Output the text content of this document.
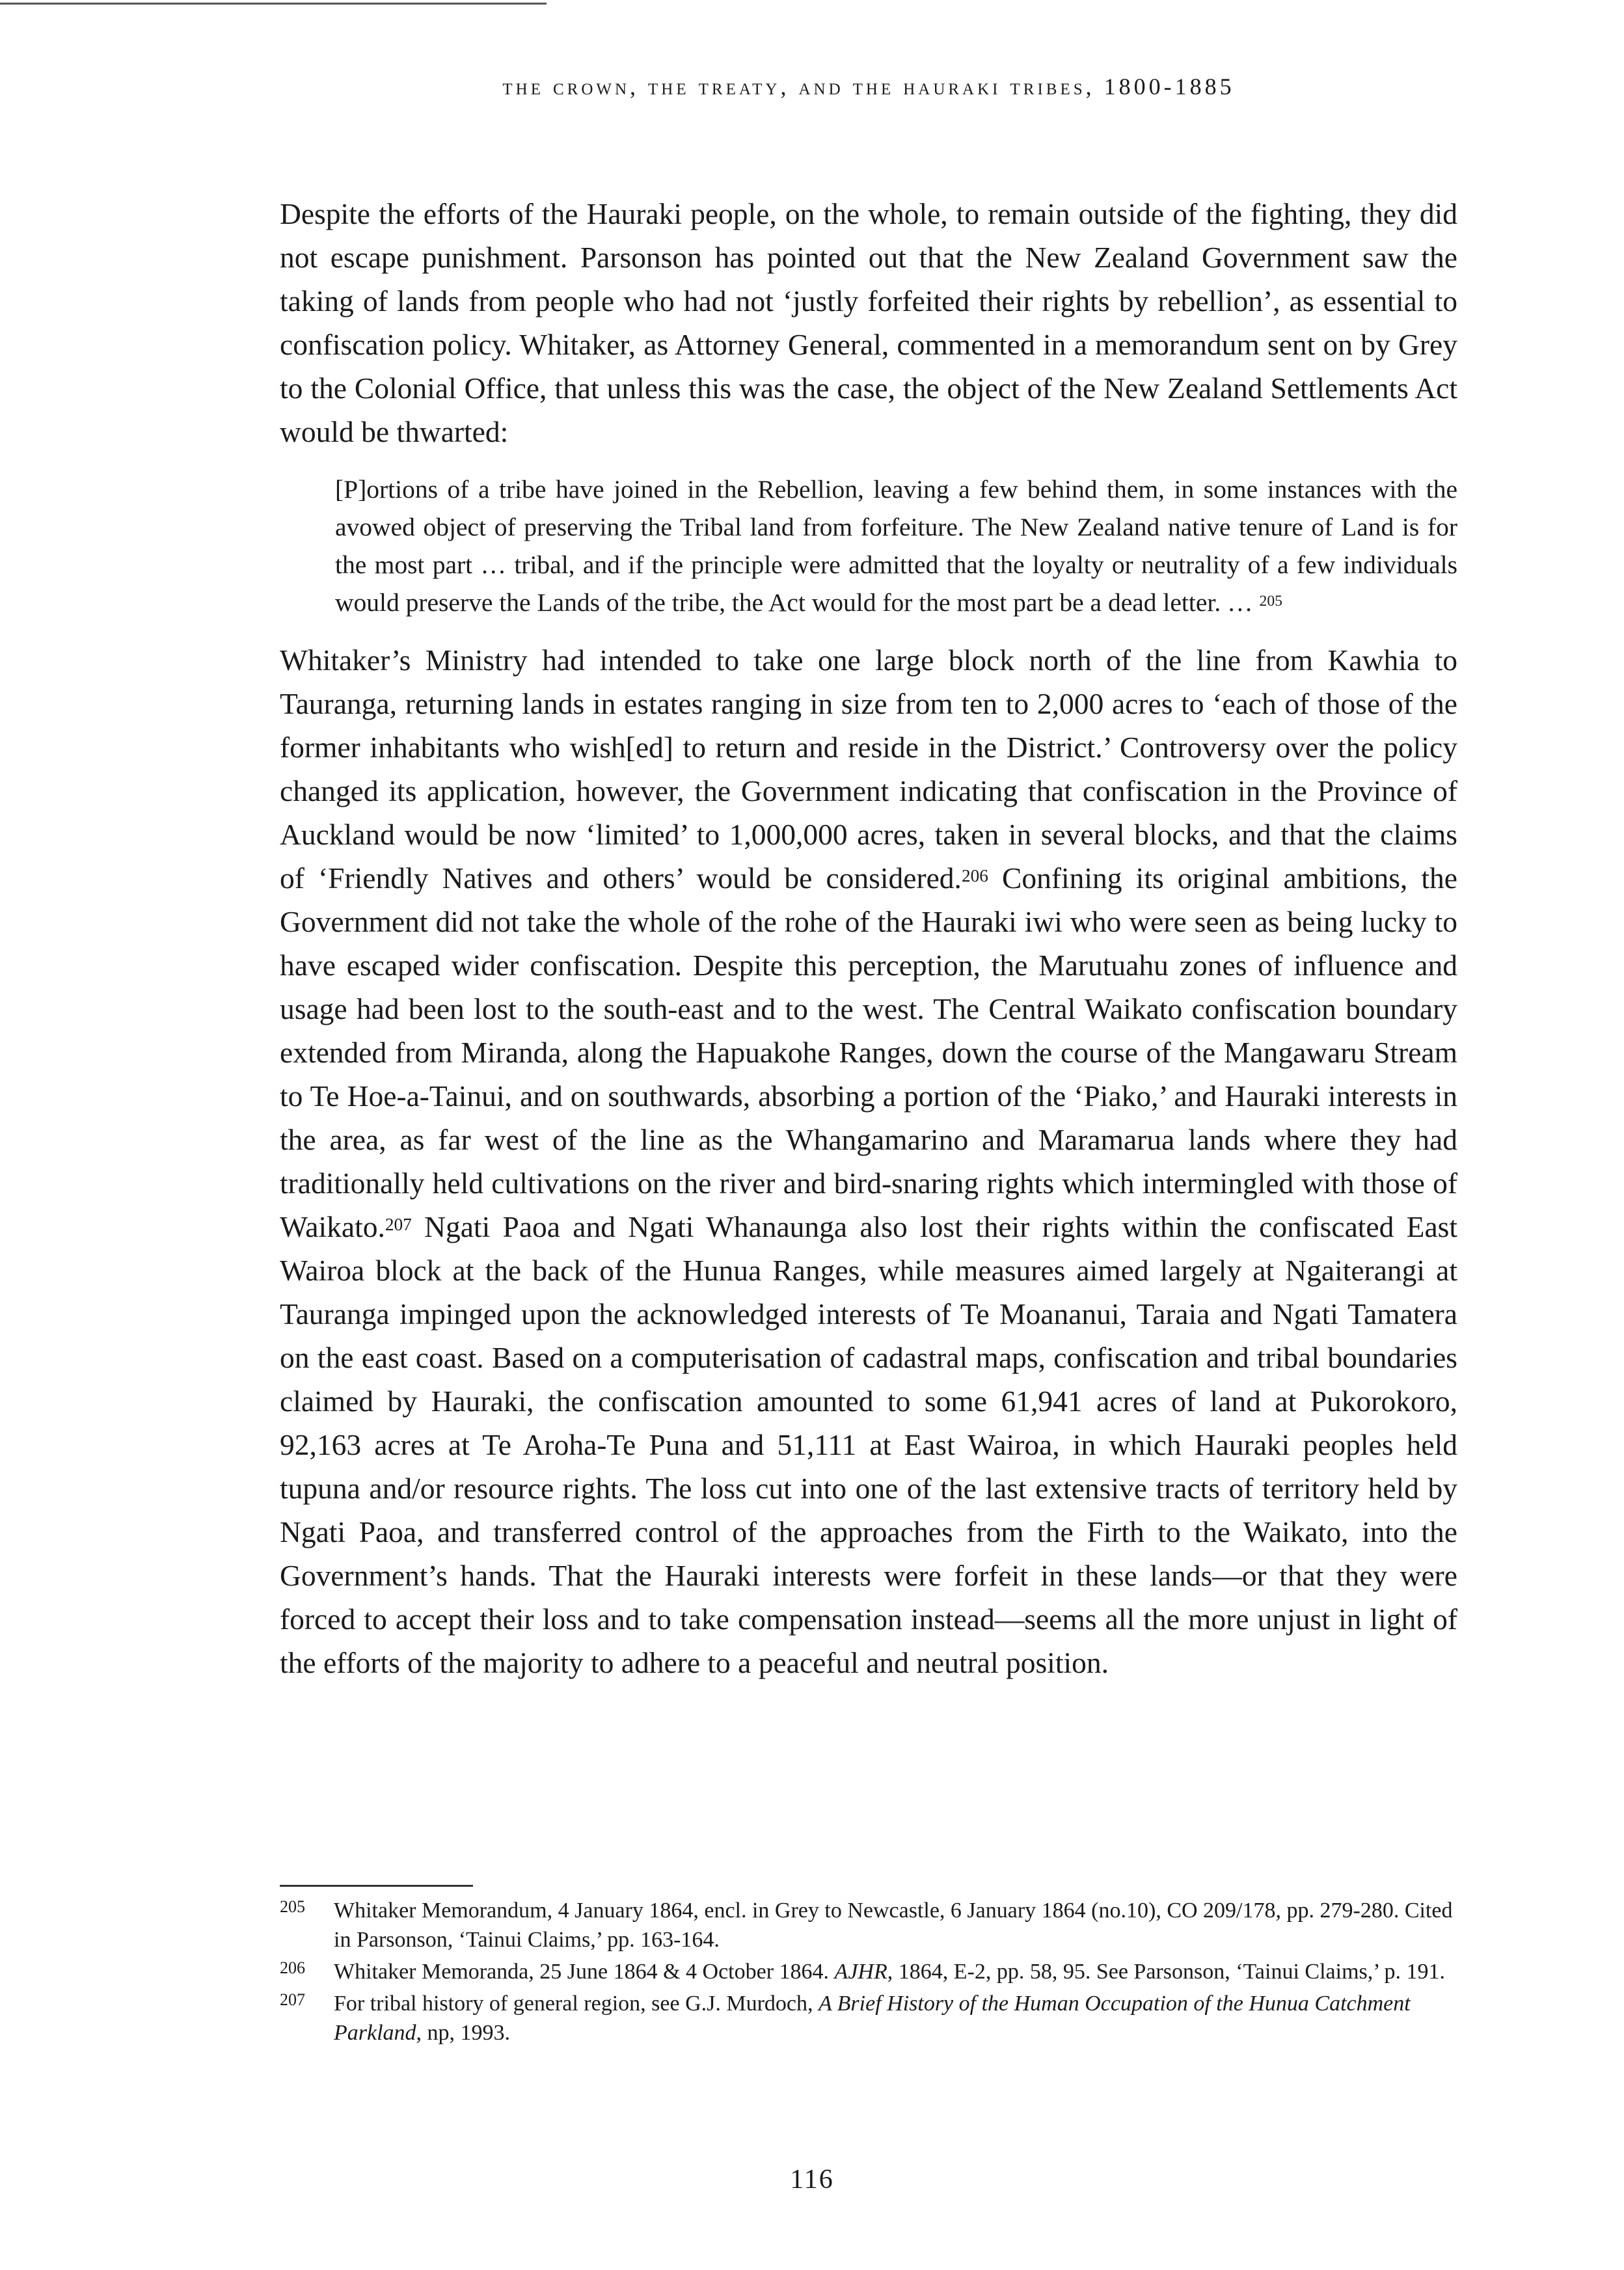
the crown, the treaty, and the hauraki tribes, 1800-1885

Despite the efforts of the Hauraki people, on the whole, to remain outside of the fighting, they did not escape punishment. Parsonson has pointed out that the New Zealand Government saw the taking of lands from people who had not ‘justly forfeited their rights by rebellion’, as essential to confiscation policy. Whitaker, as Attorney General, commented in a memorandum sent on by Grey to the Colonial Office, that unless this was the case, the object of the New Zealand Settlements Act would be thwarted:

[P]ortions of a tribe have joined in the Rebellion, leaving a few behind them, in some instances with the avowed object of preserving the Tribal land from forfeiture. The New Zealand native tenure of Land is for the most part … tribal, and if the principle were admitted that the loyalty or neutrality of a few individuals would preserve the Lands of the tribe, the Act would for the most part be a dead letter. … $^{205}$

Whitaker’s Ministry had intended to take one large block north of the line from Kawhia to Tauranga, returning lands in estates ranging in size from ten to 2,000 acres to ‘each of those of the former inhabitants who wish[ed] to return and reside in the District.’ Controversy over the policy changed its application, however, the Government indicating that confiscation in the Province of Auckland would be now ‘limited’ to 1,000,000 acres, taken in several blocks, and that the claims of ‘Friendly Natives and others’ would be considered.$^{206}$ Confining its original ambitions, the Government did not take the whole of the rohe of the Hauraki iwi who were seen as being lucky to have escaped wider confiscation. Despite this perception, the Marutuahu zones of influence and usage had been lost to the south-east and to the west. The Central Waikato confiscation boundary extended from Miranda, along the Hapuakohe Ranges, down the course of the Mangawaru Stream to Te Hoe-a-Tainui, and on southwards, absorbing a portion of the ‘Piako,’ and Hauraki interests in the area, as far west of the line as the Whangamarino and Maramarua lands where they had traditionally held cultivations on the river and bird-snaring rights which intermingled with those of Waikato.$^{207}$ Ngati Paoa and Ngati Whanaunga also lost their rights within the confiscated East Wairoa block at the back of the Hunua Ranges, while measures aimed largely at Ngaiterangi at Tauranga impinged upon the acknowledged interests of Te Moananui, Taraia and Ngati Tamatera on the east coast. Based on a computerisation of cadastral maps, confiscation and tribal boundaries claimed by Hauraki, the confiscation amounted to some 61,941 acres of land at Pukorokoro, 92,163 acres at Te Aroha-Te Puna and 51,111 at East Wairoa, in which Hauraki peoples held tupuna and/or resource rights. The loss cut into one of the last extensive tracts of territory held by Ngati Paoa, and transferred control of the approaches from the Firth to the Waikato, into the Government’s hands. That the Hauraki interests were forfeit in these lands—or that they were forced to accept their loss and to take compensation instead—seems all the more unjust in light of the efforts of the majority to adhere to a peaceful and neutral position.

205	Whitaker Memorandum, 4 January 1864, encl. in Grey to Newcastle, 6 January 1864 (no.10), CO 209/178, pp. 279-280. Cited in Parsonson, ‘Tainui Claims,’ pp. 163-164.
206	Whitaker Memoranda, 25 June 1864 & 4 October 1864. AJHR, 1864, E-2, pp. 58, 95. See Parsonson, ‘Tainui Claims,’ p. 191.
207	For tribal history of general region, see G.J. Murdoch, A Brief History of the Human Occupation of the Hunua Catchment Parkland, np, 1993.
116
